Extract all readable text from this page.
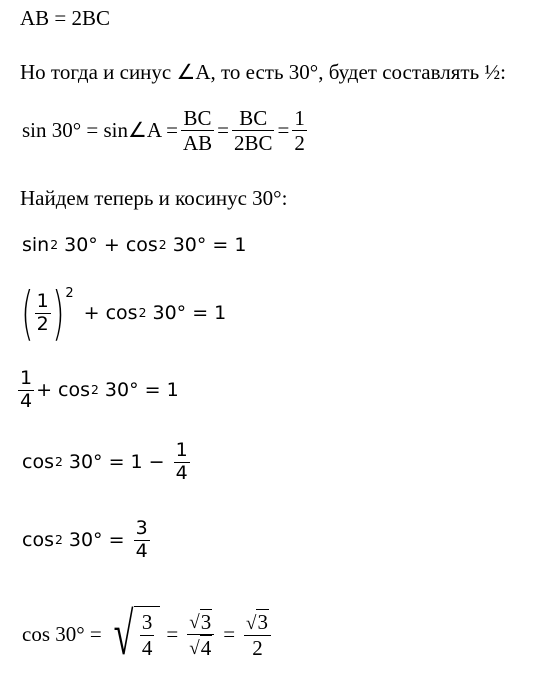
AB = 2BC
Но тогда и синус ∠A, то есть 30°, будет составлять ½:
sin 30° = sin∠A = $\frac{BC}{AB} = \frac{BC}{2BC} = \frac{1}{2}$
Найдем теперь и косинус 30°:
sin 2 30° + cos 2 30° = 1
( $\frac{1}{2}$ ) 2
+ cos 2 30° = 1
$\frac{1}{4} + \cos 2$ 30° = 1
cos 2 $30^\circ = 1 - \frac{1}{4}$
cos 2 $30^\circ = \frac{3}{4}$
cos 30° = √ $\frac{3}{4} = \frac{√ 3}{√ 4} = \frac{√ 3}{2}$
